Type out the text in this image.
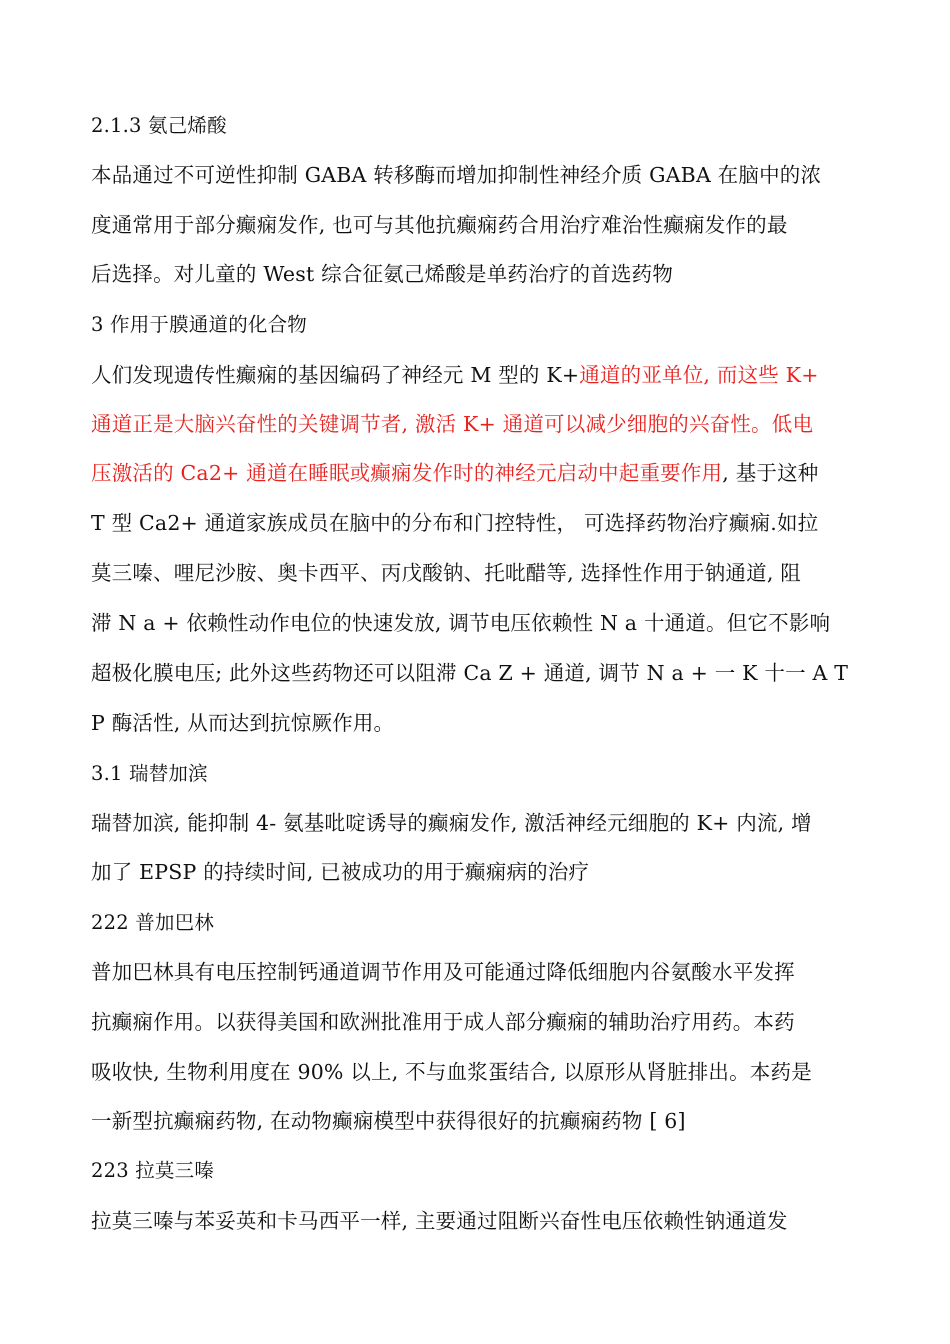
2.1.3 氨己烯酸
本品通过不可逆性抑制 GABA 转移酶而增加抑制性神经介质 GABA 在脑中的浓
度通常用于部分癫痫发作, 也可与其他抗癫痫药合用治疗难治性癫痫发作的最
后选择。对儿童的 West 综合征氨己烯酸是单药治疗的首选药物
3 作用于膜通道的化合物
人们发现遗传性癫痫的基因编码了神经元 M 型的 K+通道的亚单位, 而这些 K+
通道正是大脑兴奋性的关键调节者, 激活 K+ 通道可以减少细胞的兴奋性。低电
压激活的 Ca2+ 通道在睡眠或癫痫发作时的神经元启动中起重要作用, 基于这种
T 型 Ca2+ 通道家族成员在脑中的分布和门控特性， 可选择药物治疗癫痫.如拉
莫三嗪、哩尼沙胺、奥卡西平、丙戊酸钠、托吡醋等, 选择性作用于钠通道, 阻
滞 N a + 依赖性动作电位的快速发放, 调节电压依赖性 N a 十通道。但它不影响
超极化膜电压; 此外这些药物还可以阻滞 Ca Z + 通道, 调节 N a + 一 K 十一 A T
P 酶活性, 从而达到抗惊厥作用。
3.1 瑞替加滨
瑞替加滨, 能抑制 4- 氨基吡啶诱导的癫痫发作, 激活神经元细胞的 K+ 内流, 增
加了 EPSP 的持续时间, 已被成功的用于癫痫病的治疗
222 普加巴林
普加巴林具有电压控制钙通道调节作用及可能通过降低细胞内谷氨酸水平发挥
抗癫痫作用。以获得美国和欧洲批准用于成人部分癫痫的辅助治疗用药。本药
吸收快, 生物利用度在 90% 以上, 不与血浆蛋结合, 以原形从肾脏排出。本药是
一新型抗癫痫药物, 在动物癫痫模型中获得很好的抗癫痫药物 [ 6]
223 拉莫三嗪
拉莫三嗪与苯妥英和卡马西平一样, 主要通过阻断兴奋性电压依赖性钠通道发
